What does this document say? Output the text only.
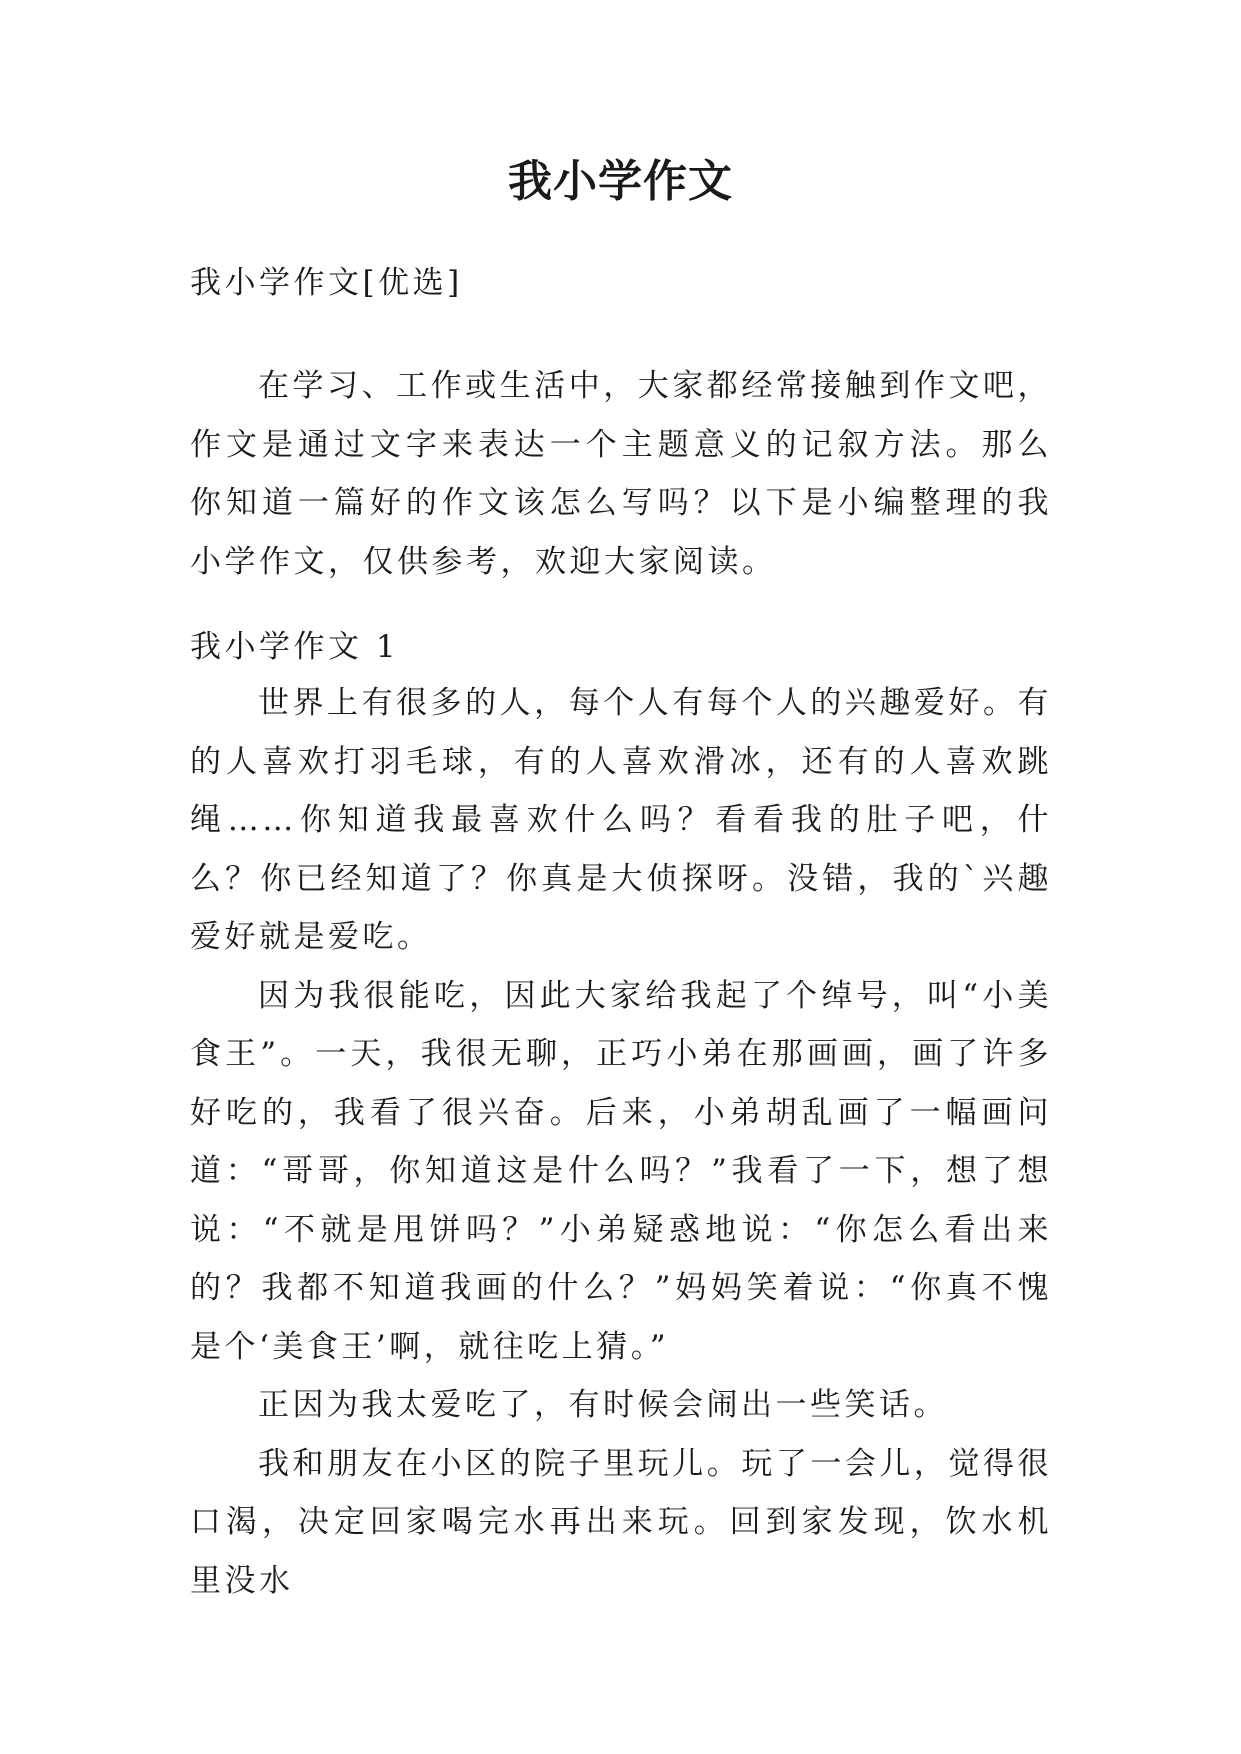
我小学作文
我小学作文[优选]
在学习、工作或生活中，大家都经常接触到作文吧，作文是通过文字来表达一个主题意义的记叙方法。那么你知道一篇好的作文该怎么写吗？以下是小编整理的我小学作文，仅供参考，欢迎大家阅读。
我小学作文 1

世界上有很多的人，每个人有每个人的兴趣爱好。有的人喜欢打羽毛球，有的人喜欢滑冰，还有的人喜欢跳绳……你知道我最喜欢什么吗？看看我的肚子吧，什么？你已经知道了？你真是大侦探呀。没错，我的`兴趣爱好就是爱吃。

因为我很能吃，因此大家给我起了个绰号，叫“小美食王”。一天，我很无聊，正巧小弟在那画画，画了许多好吃的，我看了很兴奋。后来，小弟胡乱画了一幅画问道：“哥哥，你知道这是什么吗？”我看了一下，想了想说：“不就是甩饼吗？”小弟疑惑地说：“你怎么看出来的？我都不知道我画的什么？”妈妈笑着说：“你真不愧是个‘美食王’啊，就往吃上猜。”

正因为我太爱吃了，有时候会闹出一些笑话。

我和朋友在小区的院子里玩儿。玩了一会儿，觉得很口渴，决定回家喝完水再出来玩。回到家发现，饮水机里没水
